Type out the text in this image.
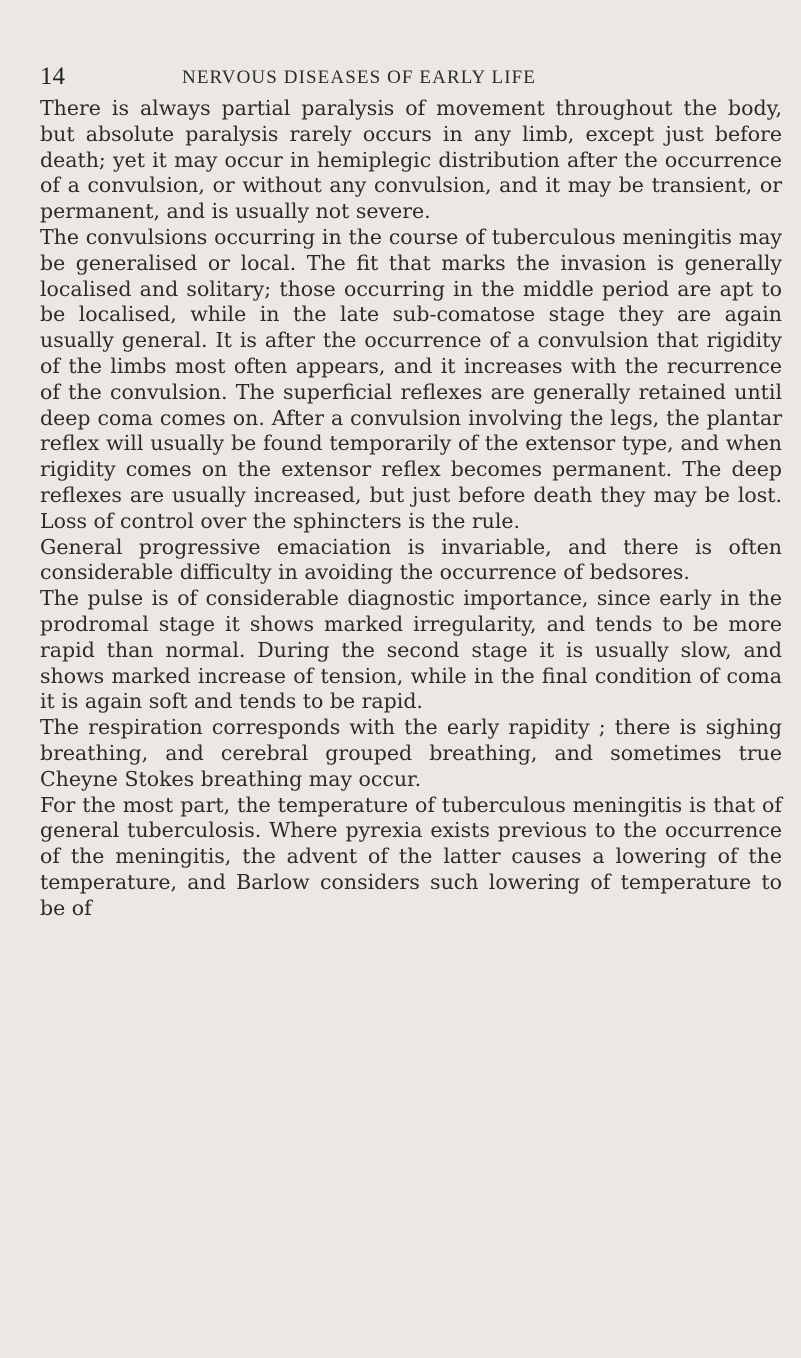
14	NERVOUS DISEASES OF EARLY LIFE

There is always partial paralysis of movement throughout the body, but absolute paralysis rarely occurs in any limb, except just before death; yet it may occur in hemiplegic distribution after the occurrence of a convulsion, or without any convulsion, and it may be transient, or permanent, and is usually not severe.

The convulsions occurring in the course of tuberculous meningitis may be generalised or local. The fit that marks the invasion is generally localised and solitary; those occurring in the middle period are apt to be localised, while in the late sub-comatose stage they are again usually general. It is after the occurrence of a convulsion that rigidity of the limbs most often appears, and it increases with the recurrence of the convulsion. The superficial reflexes are generally retained until deep coma comes on. After a convulsion involving the legs, the plantar reflex will usually be found temporarily of the extensor type, and when rigidity comes on the extensor reflex becomes permanent. The deep reflexes are usually increased, but just before death they may be lost. Loss of control over the sphincters is the rule.

General progressive emaciation is invariable, and there is often considerable difficulty in avoiding the occurrence of bedsores.

The pulse is of considerable diagnostic importance, since early in the prodromal stage it shows marked irregularity, and tends to be more rapid than normal. During the second stage it is usually slow, and shows marked increase of tension, while in the final condition of coma it is again soft and tends to be rapid.

The respiration corresponds with the early rapidity ; there is sighing breathing, and cerebral grouped breathing, and sometimes true Cheyne Stokes breathing may occur.

For the most part, the temperature of tuberculous meningitis is that of general tuberculosis. Where pyrexia exists previous to the occurrence of the meningitis, the advent of the latter causes a lowering of the temperature, and Barlow considers such lowering of temperature to be of
